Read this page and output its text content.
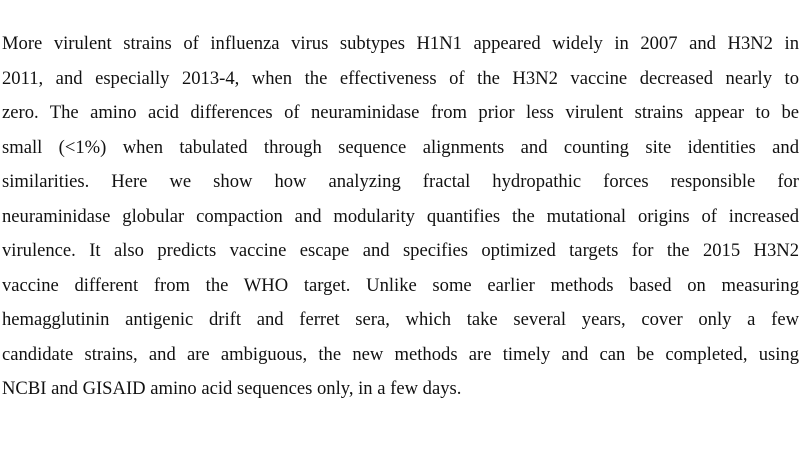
More virulent strains of influenza virus subtypes H1N1 appeared widely in 2007 and H3N2 in
2011, and especially 2013-4, when the effectiveness of the H3N2 vaccine decreased nearly to
zero. The amino acid differences of neuraminidase from prior less virulent strains appear to be
small (<1%) when tabulated through sequence alignments and counting site identities and
similarities. Here we show how analyzing fractal hydropathic forces responsible for
neuraminidase globular compaction and modularity quantifies the mutational origins of increased
virulence. It also predicts vaccine escape and specifies optimized targets for the 2015 H3N2
vaccine different from the WHO target. Unlike some earlier methods based on measuring
hemagglutinin antigenic drift and ferret sera, which take several years, cover only a few
candidate strains, and are ambiguous, the new methods are timely and can be completed, using
NCBI and GISAID amino acid sequences only, in a few days.
